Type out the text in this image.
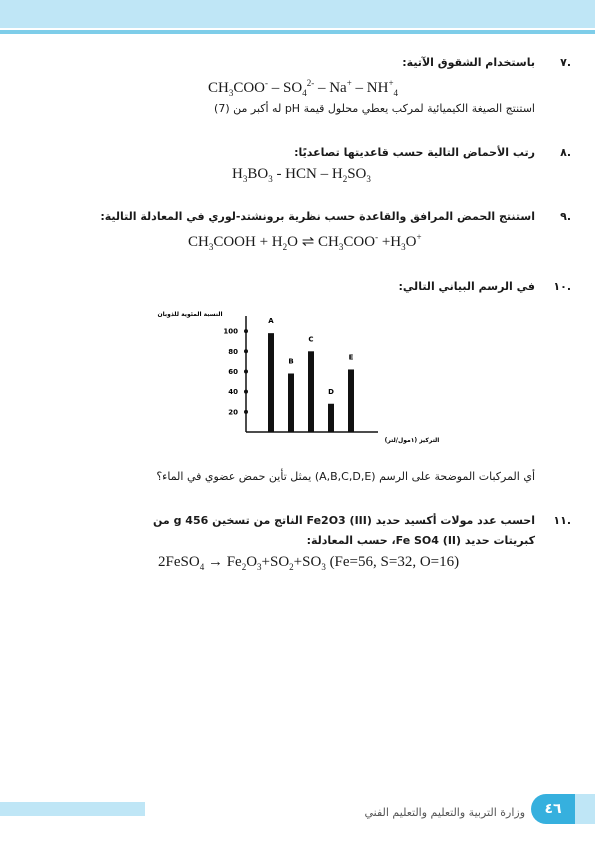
.٧
باستخدام الشقوق الآتية:
$CH_3COO^- - SO_4^{2-} - Na^+ - NH^+_4$
استنتج الصيغة الكيميائية لمركب يعطي محلول قيمة pH له أكبر من (7)
.٨
رتب الأحماض التالية حسب قاعديتها تصاعديًا:
$H_3BO_3$ - HCN – $H_2SO_3$
.٩
استنتج الحمض المرافق والقاعدة حسب نظرية برونشتد-لوري في المعادلة التالية:
$CH_3COOH + H_2O$ ⇌ $CH_3COO^- +H_3O^+$
.١٠
في الرسم البياني التالي:
النسبة المئوية للذوبان
التركيز (١مول/لتر)
20
40
60
80
100
A
B
C
D
E
أي المركبات الموضحة على الرسم (A,B,C,D,E) يمثل تأين حمض عضوي في الماء؟
.١١
احسب عدد مولات أكسيد حديد (III) Fe2O3 الناتج من تسخين 456 g من
كبريتات حديد (II) Fe SO4، حسب المعادلة:
2FeSO$_4$ → $Fe_2O_3+SO_2+SO_3$ (Fe=56, S=32, O=16)
وزارة التربية والتعليم والتعليم الفني	٤٦
